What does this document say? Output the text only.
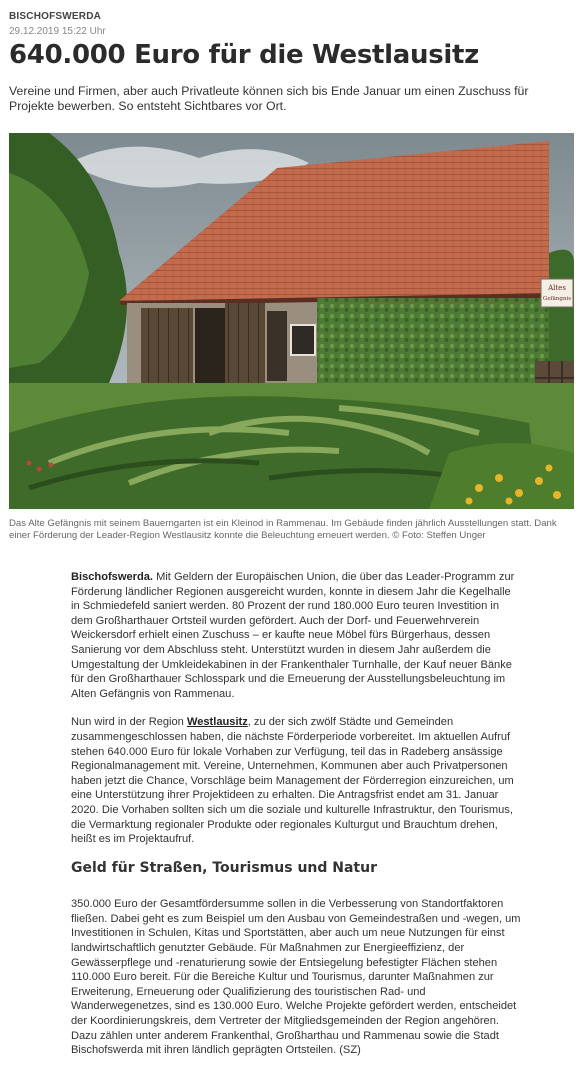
BISCHOFSWERDA
29.12.2019 15:22 Uhr
640.000 Euro für die Westlausitz

Vereine und Firmen, aber auch Privatleute können sich bis Ende Januar um einen Zuschuss für Projekte bewerben. So entsteht Sichtbares vor Ort.

Altes
Gefängnis

Das Alte Gefängnis mit seinem Bauerngarten ist ein Kleinod in Rammenau. Im Gebäude finden jährlich Ausstellungen statt. Dank einer Förderung der Leader-Region Westlausitz konnte die Beleuchtung erneuert werden. © Foto: Steffen Unger

Bischofswerda. Mit Geldern der Europäischen Union, die über das Leader-Programm zur Förderung ländlicher Regionen ausgereicht wurden, konnte in diesem Jahr die Kegelhalle in Schmiedefeld saniert werden. 80 Prozent der rund 180.000 Euro teuren Investition in dem Großharthauer Ortsteil wurden gefördert. Auch der Dorf- und Feuerwehrverein Weickersdorf erhielt einen Zuschuss – er kaufte neue Möbel fürs Bürgerhaus, dessen Sanierung vor dem Abschluss steht. Unterstützt wurden in diesem Jahr außerdem die Umgestaltung der Umkleidekabinen in der Frankenthaler Turnhalle, der Kauf neuer Bänke für den Großharthauer Schlosspark und die Erneuerung der Ausstellungsbeleuchtung im Alten Gefängnis von Rammenau.

Nun wird in der Region Westlausitz, zu der sich zwölf Städte und Gemeinden zusammengeschlossen haben, die nächste Förderperiode vorbereitet. Im aktuellen Aufruf stehen 640.000 Euro für lokale Vorhaben zur Verfügung, teil das in Radeberg ansässige Regionalmanagement mit. Vereine, Unternehmen, Kommunen aber auch Privatpersonen haben jetzt die Chance, Vorschläge beim Management der Förderregion einzureichen, um eine Unterstützung ihrer Projektideen zu erhalten. Die Antragsfrist endet am 31. Januar 2020. Die Vorhaben sollten sich um die soziale und kulturelle Infrastruktur, den Tourismus, die Vermarktung regionaler Produkte oder regionales Kulturgut und Brauchtum drehen, heißt es im Projektaufruf.

Geld für Straßen, Tourismus und Natur

350.000 Euro der Gesamtfördersumme sollen in die Verbesserung von Standortfaktoren fließen. Dabei geht es zum Beispiel um den Ausbau von Gemeindestraßen und -wegen, um Investitionen in Schulen, Kitas und Sportstätten, aber auch um neue Nutzungen für einst landwirtschaftlich genutzter Gebäude. Für Maßnahmen zur Energieeffizienz, der Gewässerpflege und -renaturierung sowie der Entsiegelung befestigter Flächen stehen 110.000 Euro bereit. Für die Bereiche Kultur und Tourismus, darunter Maßnahmen zur Erweiterung, Erneuerung oder Qualifizierung des touristischen Rad- und Wanderwegenetzes, sind es 130.000 Euro. Welche Projekte gefördert werden, entscheidet der Koordinierungskreis, dem Vertreter der Mitgliedsgemeinden der Region angehören. Dazu zählen unter anderem Frankenthal, Großharthau und Rammenau sowie die Stadt Bischofswerda mit ihren ländlich geprägten Ortsteilen. (SZ)
